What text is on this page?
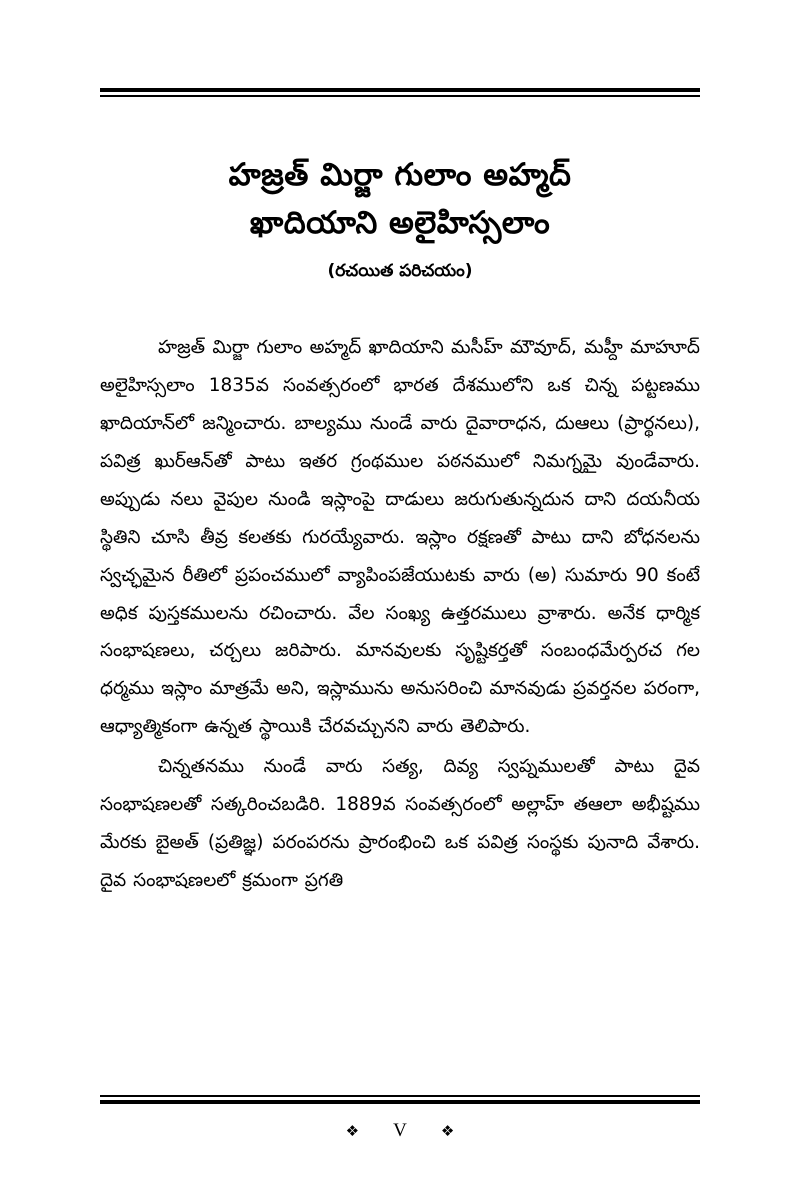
హజ్రత్ మిర్జా గులాం అహ్మద్
ఖాదియాని అలైహిస్సలాం
(రచయిత పరిచయం)

హజ్రత్ మిర్జా గులాం అహ్మద్ ఖాదియాని మసీహ్ మౌవూద్, మహ్దీ మాహూద్ అలైహిస్సలాం 1835వ సంవత్సరంలో భారత దేశములోని ఒక చిన్న పట్టణము ఖాదియాన్‌లో జన్మించారు. బాల్యము నుండే వారు దైవారాధన, దుఆలు (ప్రార్థనలు), పవిత్ర ఖుర్‌ఆన్‌తో పాటు ఇతర గ్రంథముల పఠనములో నిమగ్నమై వుండేవారు. అప్పుడు నలు వైపుల నుండి ఇస్లాంపై దాడులు జరుగుతున్నదున దాని దయనీయ స్థితిని చూసి తీవ్ర కలతకు గురయ్యేవారు. ఇస్లాం రక్షణతో పాటు దాని బోధనలను స్వచ్ఛమైన రీతిలో ప్రపంచములో వ్యాపింపజేయుటకు వారు (అ) సుమారు 90 కంటే అధిక పుస్తకములను రచించారు. వేల సంఖ్య ఉత్తరములు వ్రాశారు. అనేక ధార్మిక సంభాషణలు, చర్చలు జరిపారు. మానవులకు సృష్టికర్తతో సంబంధమేర్పరచ గల ధర్మము ఇస్లాం మాత్రమే అని, ఇస్లామును అనుసరించి మానవుడు ప్రవర్తనల పరంగా, ఆధ్యాత్మికంగా ఉన్నత స్థాయికి చేరవచ్చునని వారు తెలిపారు.

చిన్నతనము నుండే వారు సత్య, దివ్య స్వప్నములతో పాటు దైవ సంభాషణలతో సత్కరించబడిరి. 1889వ సంవత్సరంలో అల్లాహ్ తఆలా అభీష్టము మేరకు బైఅత్ (ప్రతిజ్ఞ) పరంపరను ప్రారంభించి ఒక పవిత్ర సంస్థకు పునాది వేశారు. దైవ సంభాషణలలో క్రమంగా ప్రగతి

❖ V ❖
